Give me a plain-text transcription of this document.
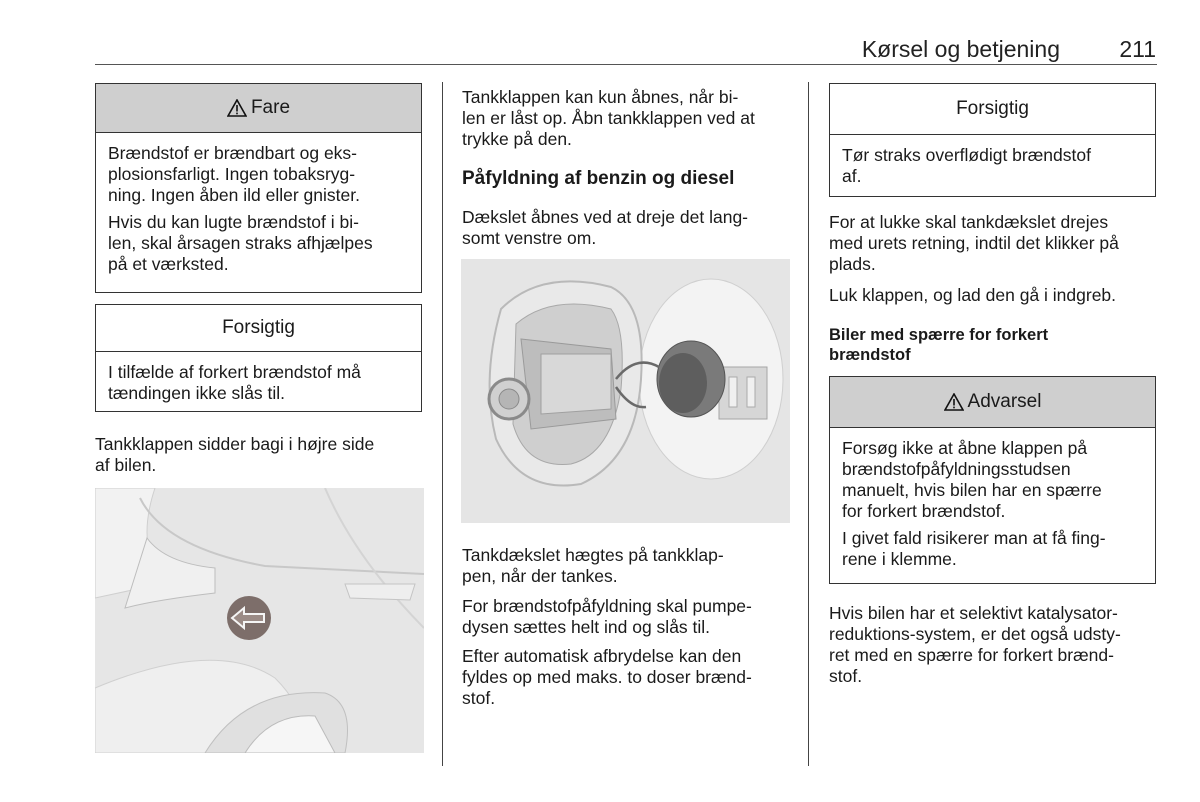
Kørsel og betjening	211
Fare

Brændstof er brændbart og eks-
plosionsfarligt. Ingen tobaksryg-
ning. Ingen åben ild eller gnister.

Hvis du kan lugte brændstof i bi-
len, skal årsagen straks afhjælpes
på et værksted.

Forsigtig

I tilfælde af forkert brændstof må
tændingen ikke slås til.

Tankklappen sidder bagi i højre side
af bilen.

Tankklappen kan kun åbnes, når bi-
len er låst op. Åbn tankklappen ved at
trykke på den.

Påfyldning af benzin og diesel

Dækslet åbnes ved at dreje det lang-
somt venstre om.

Tankdækslet hægtes på tankklap-
pen, når der tankes.

For brændstofpåfyldning skal pumpe-
dysen sættes helt ind og slås til.

Efter automatisk afbrydelse kan den
fyldes op med maks. to doser brænd-
stof.

Forsigtig

Tør straks overflødigt brændstof
af.

For at lukke skal tankdækslet drejes
med urets retning, indtil det klikker på
plads.

Luk klappen, og lad den gå i indgreb.

Biler med spærre for forkert
brændstof

Advarsel

Forsøg ikke at åbne klappen på
brændstofpåfyldningsstudsen
manuelt, hvis bilen har en spærre
for forkert brændstof.

I givet fald risikerer man at få fing-
rene i klemme.

Hvis bilen har et selektivt katalysator-
reduktions-system, er det også udsty-
ret med en spærre for forkert brænd-
stof.
